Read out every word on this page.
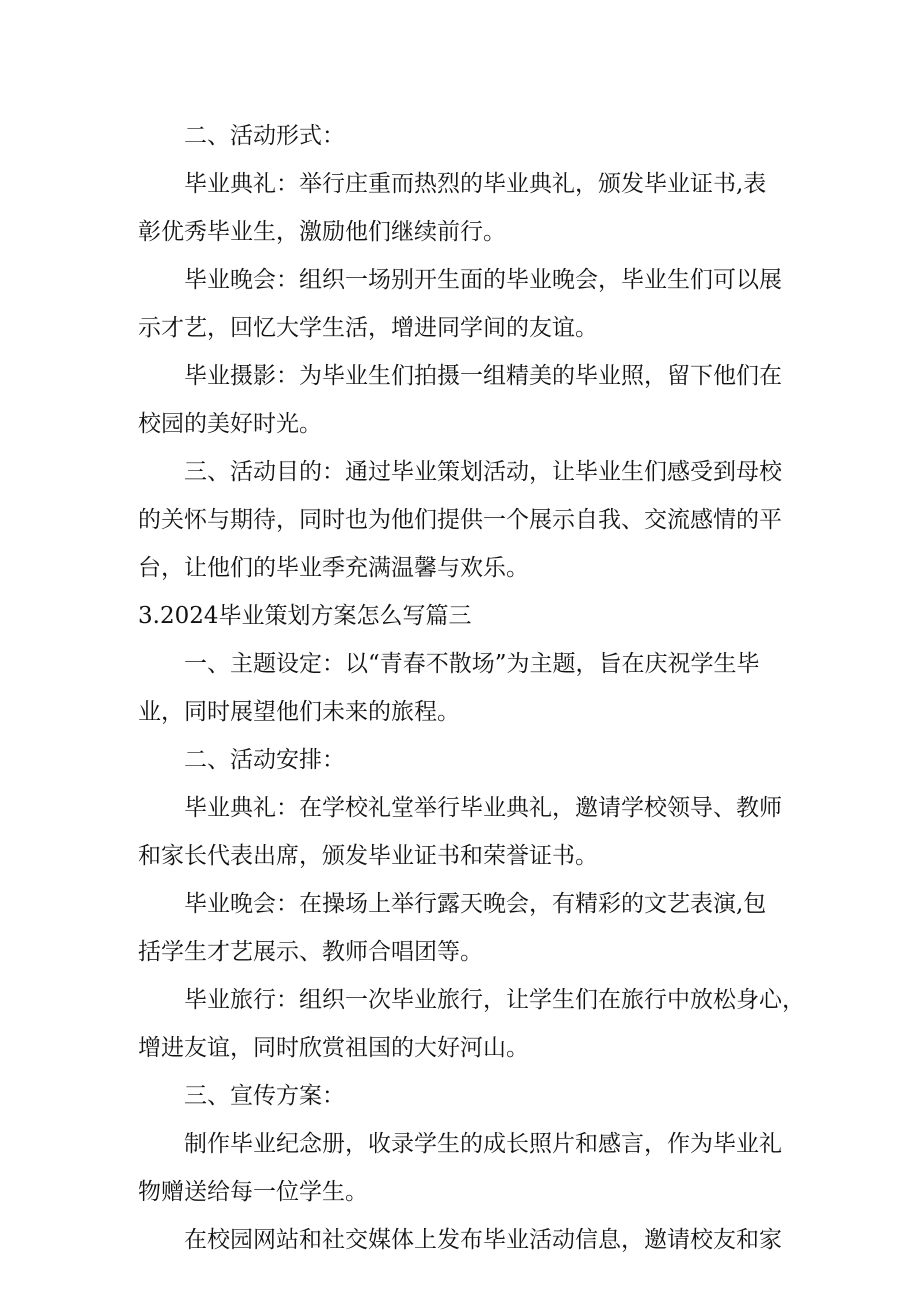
二、活动形式：
毕业典礼：举行庄重而热烈的毕业典礼，颁发毕业证书,表
彰优秀毕业生，激励他们继续前行。
毕业晚会：组织一场别开生面的毕业晚会，毕业生们可以展
示才艺，回忆大学生活，增进同学间的友谊。
毕业摄影：为毕业生们拍摄一组精美的毕业照，留下他们在
校园的美好时光。
三、活动目的：通过毕业策划活动，让毕业生们感受到母校
的关怀与期待，同时也为他们提供一个展示自我、交流感情的平
台，让他们的毕业季充满温馨与欢乐。
3.2024毕业策划方案怎么写篇三
一、主题设定：以“青春不散场”为主题，旨在庆祝学生毕
业，同时展望他们未来的旅程。
二、活动安排：
毕业典礼：在学校礼堂举行毕业典礼，邀请学校领导、教师
和家长代表出席，颁发毕业证书和荣誉证书。
毕业晚会：在操场上举行露天晚会，有精彩的文艺表演,包
括学生才艺展示、教师合唱团等。
毕业旅行：组织一次毕业旅行，让学生们在旅行中放松身心，
增进友谊，同时欣赏祖国的大好河山。
三、宣传方案：
制作毕业纪念册，收录学生的成长照片和感言，作为毕业礼
物赠送给每一位学生。
在校园网站和社交媒体上发布毕业活动信息，邀请校友和家
